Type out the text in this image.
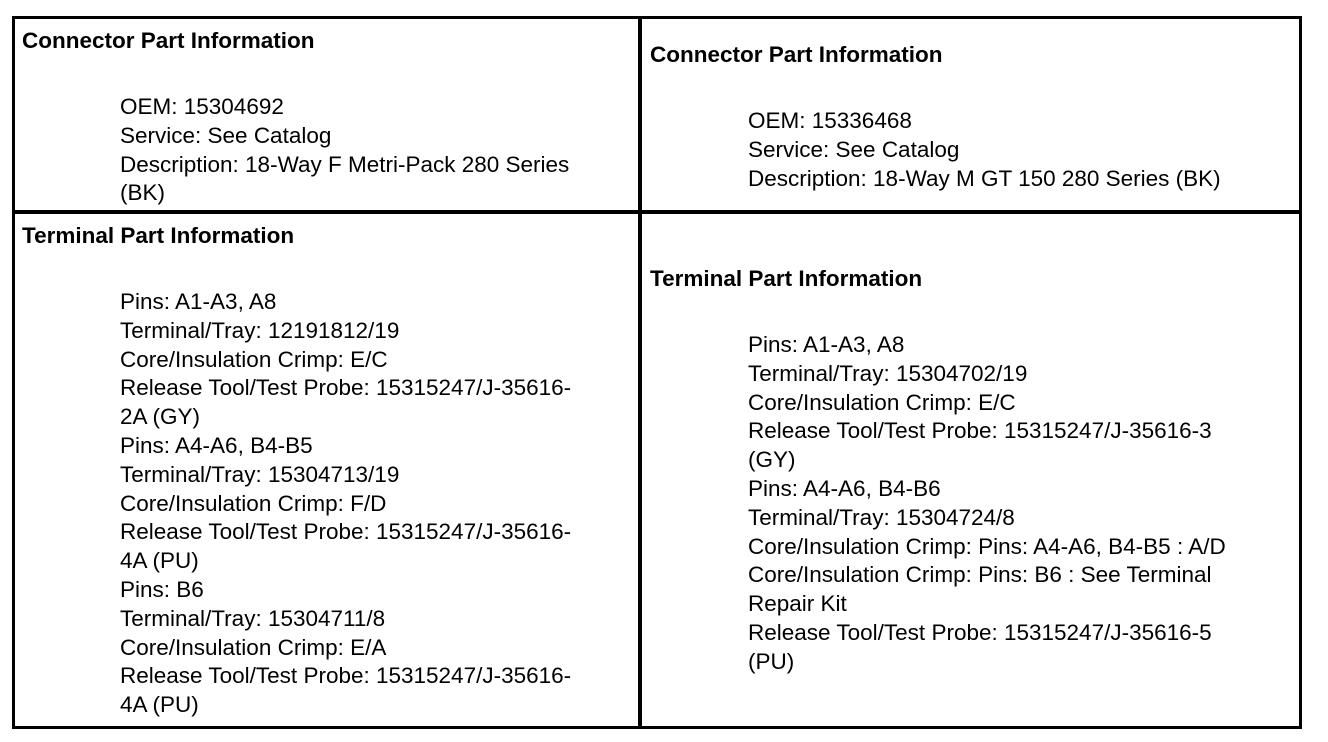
Connector Part Information
OEM: 15304692
Service: See Catalog
Description: 18-Way F Metri-Pack 280 Series
(BK)
Connector Part Information
OEM: 15336468
Service: See Catalog
Description: 18-Way M GT 150 280 Series (BK)
Terminal Part Information
Pins: A1-A3, A8
Terminal/Tray: 12191812/19
Core/Insulation Crimp: E/C
Release Tool/Test Probe: 15315247/J-35616-
2A (GY)
Pins: A4-A6, B4-B5
Terminal/Tray: 15304713/19
Core/Insulation Crimp: F/D
Release Tool/Test Probe: 15315247/J-35616-
4A (PU)
Pins: B6
Terminal/Tray: 15304711/8
Core/Insulation Crimp: E/A
Release Tool/Test Probe: 15315247/J-35616-
4A (PU)
Terminal Part Information
Pins: A1-A3, A8
Terminal/Tray: 15304702/19
Core/Insulation Crimp: E/C
Release Tool/Test Probe: 15315247/J-35616-3
(GY)
Pins: A4-A6, B4-B6
Terminal/Tray: 15304724/8
Core/Insulation Crimp: Pins: A4-A6, B4-B5 : A/D
Core/Insulation Crimp: Pins: B6 : See Terminal
Repair Kit
Release Tool/Test Probe: 15315247/J-35616-5
(PU)
